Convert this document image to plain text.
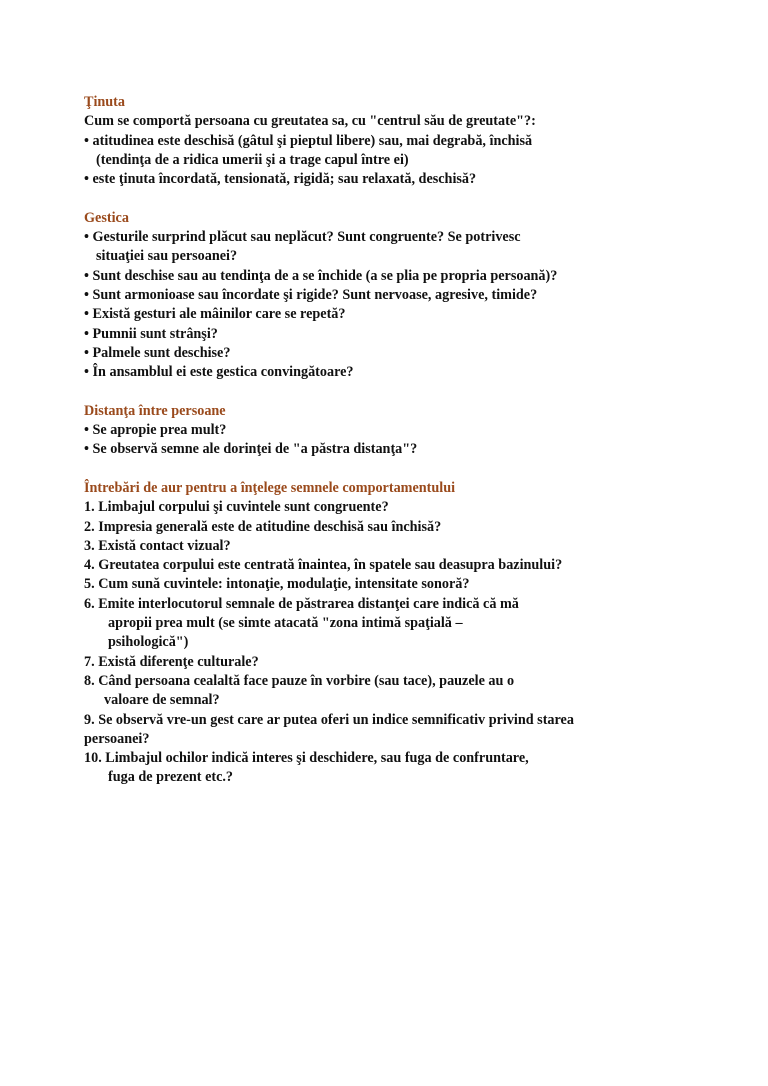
Ţinuta
Cum se comportă persoana cu greutatea sa, cu "centrul său de greutate"?:
• atitudinea este deschisă (gâtul şi pieptul libere) sau, mai degrabă, închisă
(tendinţa de a ridica umerii şi a trage capul între ei)
• este ţinuta încordată, tensionată, rigidă; sau relaxată, deschisă?
Gestica
• Gesturile surprind plăcut sau neplăcut? Sunt congruente? Se potrivesc
situaţiei sau persoanei?
• Sunt deschise sau au tendinţa de a se închide (a se plia pe propria persoană)?
• Sunt armonioase sau încordate şi rigide? Sunt nervoase, agresive, timide?
• Există gesturi ale mâinilor care se repetă?
• Pumnii sunt strânşi?
• Palmele sunt deschise?
• În ansamblul ei este gestica convingătoare?
Distanţa între persoane
• Se apropie prea mult?
• Se observă semne ale dorinţei de "a păstra distanţa"?
Întrebări de aur pentru a înţelege semnele comportamentului
1. Limbajul corpului şi cuvintele sunt congruente?
2. Impresia generală este de atitudine deschisă sau închisă?
3. Există contact vizual?
4. Greutatea corpului este centrată înaintea, în spatele sau deasupra bazinului?
5. Cum sună cuvintele: intonaţie, modulaţie, intensitate sonoră?
6. Emite interlocutorul semnale de păstrarea distanţei care indică că mă
apropii prea mult (se simte atacată "zona intimă spaţială –
psihologică")
7. Există diferenţe culturale?
8. Când persoana cealaltă face pauze în vorbire (sau tace), pauzele au o
valoare de semnal?
9. Se observă vre-un gest care ar putea oferi un indice semnificativ privind starea
persoanei?
10. Limbajul ochilor indică interes şi deschidere, sau fuga de confruntare,
fuga de prezent etc.?
